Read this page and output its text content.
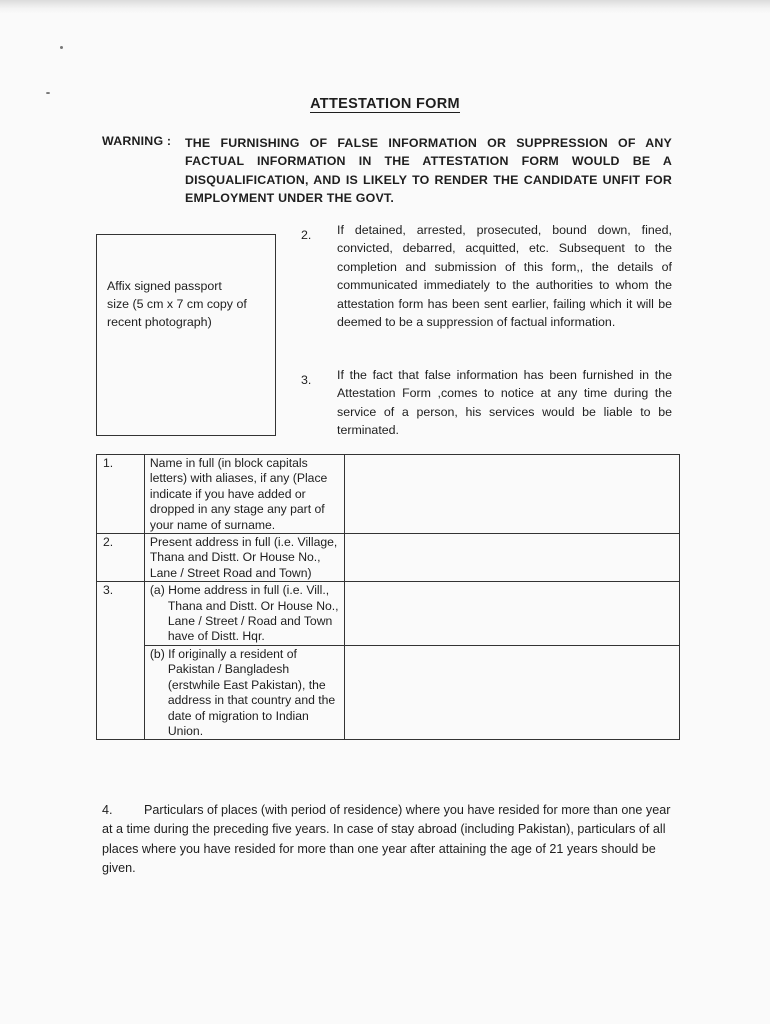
ATTESTATION FORM
WARNING : THE FURNISHING OF FALSE INFORMATION OR SUPPRESSION OF ANY FACTUAL INFORMATION IN THE ATTESTATION FORM WOULD BE A DISQUALIFICATION, AND IS LIKELY TO RENDER THE CANDIDATE UNFIT FOR EMPLOYMENT UNDER THE GOVT.
Affix signed passport
size (5 cm x 7 cm copy of
recent photograph)
2. If detained, arrested, prosecuted, bound down, fined, convicted, debarred, acquitted, etc. Subsequent to the completion and submission of this form,, the details of communicated immediately to the authorities to whom the attestation form has been sent earlier, failing which it will be deemed to be a suppression of factual information.
3. If the fact that false information has been furnished in the Attestation Form ,comes to notice at any time during the service of a person, his services would be liable to be terminated.
1.	Name in full (in block capitals letters) with aliases, if any (Place indicate if you have added or dropped in any stage any part of your name of surname.	
2.	Present address in full (i.e. Village, Thana and Distt. Or House No., Lane / Street Road and Town)	
3.	(a) Home address in full (i.e. Vill., Thana and Distt. Or House No., Lane / Street / Road and Town have of Distt. Hqr.	

	(b) If originally a resident of Pakistan / Bangladesh (erstwhile East Pakistan), the address in that country and the date of migration to Indian Union.	

4. Particulars of places (with period of residence) where you have resided for more than one year at a time during the preceding five years. In case of stay abroad (including Pakistan), particulars of all places where you have resided for more than one year after attaining the age of 21 years should be given.
